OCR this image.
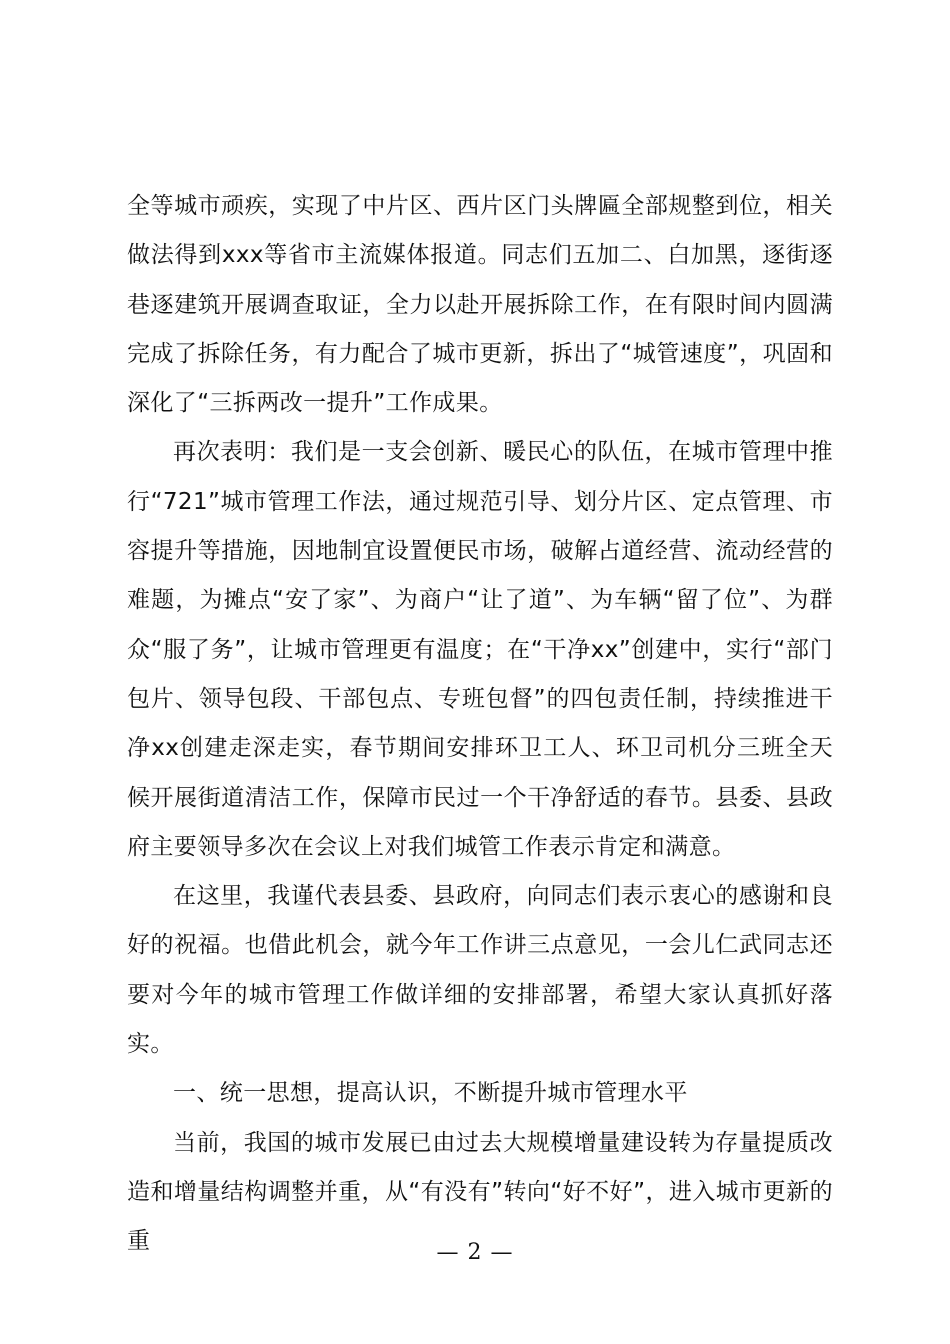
全等城市顽疾，实现了中片区、西片区门头牌匾全部规整到位，相关做法得到xxx等省市主流媒体报道。同志们五加二、白加黑，逐街逐巷逐建筑开展调查取证，全力以赴开展拆除工作，在有限时间内圆满完成了拆除任务，有力配合了城市更新，拆出了“城管速度”，巩固和深化了“三拆两改一提升”工作成果。

再次表明：我们是一支会创新、暖民心的队伍，在城市管理中推行“721”城市管理工作法，通过规范引导、划分片区、定点管理、市容提升等措施，因地制宜设置便民市场，破解占道经营、流动经营的难题，为摊点“安了家”、为商户“让了道”、为车辆“留了位”、为群众“服了务”，让城市管理更有温度；在“干净xx”创建中，实行“部门包片、领导包段、干部包点、专班包督”的四包责任制，持续推进干净xx创建走深走实，春节期间安排环卫工人、环卫司机分三班全天候开展街道清洁工作，保障市民过一个干净舒适的春节。县委、县政府主要领导多次在会议上对我们城管工作表示肯定和满意。

在这里，我谨代表县委、县政府，向同志们表示衷心的感谢和良好的祝福。也借此机会，就今年工作讲三点意见，一会儿仁武同志还要对今年的城市管理工作做详细的安排部署，希望大家认真抓好落实。

一、统一思想，提高认识，不断提升城市管理水平

当前，我国的城市发展已由过去大规模增量建设转为存量提质改造和增量结构调整并重，从“有没有”转向“好不好”，进入城市更新的重	— 2 —
